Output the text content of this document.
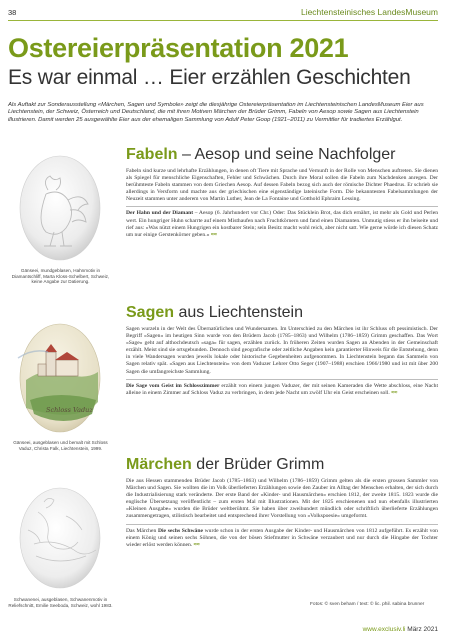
38	Liechtensteinisches LandesMuseum
Ostereierpräsentation 2021
Es war einmal … Eier erzählen Geschichten
Als Auftakt zur Sonderausstellung «Märchen, Sagen und Symbole» zeigt die diesjährige Ostereierpräsentation im Liechtensteinischen LandesMuseum Eier aus Liechtenstein, der Schweiz, Österreich und Deutschland, die mit ihren Motiven Märchen der Brüder Grimm, Fabeln von Aesop sowie Sagen aus Liechtenstein illustrieren. Damit werden 25 ausgewählte Eier aus der ehemaligen Sammlung von Adulf Peter Goop (1921–2011) zu Vermittler für tradiertes Erzählgut.
Gänseei, mundgeblasen, Hahnmotiv in Diamantschliff, Marta Kloss-Schelbert, Schweiz, keine Angabe zur Datierung.
Fabeln – Aesop und seine Nachfolger

Fabeln sind kurze und lehrhafte Erzählungen, in denen oft Tiere mit Sprache und Vernunft in der Rolle von Menschen auftreten. Sie dienen als Spiegel für menschliche Eigenschaften, Fehler und Schwächen. Durch ihre Moral sollen die Fabeln zum Nachdenken anregen. Der berühmteste Fabeln stammen von dem Griechen Aesop. Auf dessen Fabeln bezog sich auch der römische Dichter Phaedrus. Er schrieb sie allerdings in Versform und machte aus der griechischen eine eigenständige lateinische Form. Die bekanntesten Fabelsammlungen der Neuzeit stammen unter anderem von Martin Luther, Jean de La Fontaine und Gotthold Ephraim Lessing.

Der Hahn und der Diamant – Aesop (6. Jahrhundert vor Chr.) Oder: Das Stücklein Brot, das dich ernährt, ist mehr als Gold und Perlen wert. Ein hungriger Huhn scharrte auf einem Misthaufen nach Fruchtkörnern und fand einen Diamanten. Unmutig stiess er ihn beiseite und rief aus: «Was nützt einem Hungrigen ein kostbarer Stein; sein Besitz macht wohl reich, aber nicht satt. Wie gerne würde ich diesen Schatz um nur einige Gerstenkörner geben.» ≈≈

Schloss Vaduz
Gänseei, ausgeblasen und bemalt mit Schloss Vaduz, Christa Falk, Liechtenstein, 1999.
Sagen aus Liechtenstein

Sagen wurzeln in der Welt des Übernatürlichen und Wundersamen. Im Unterschied zu den Märchen ist ihr Schluss oft pessimistisch. Der Begriff «Sagen» im heutigen Sinn wurde von den Brüdern Jacob (1785–1863) und Wilhelm (1786–1859) Grimm geschaffen. Das Wort «Sage» geht auf althochdeutsch «saga» für sagen, erzählen zurück. In früheren Zeiten wurden Sagen an Abenden in der Gemeinschaft erzählt. Meist sind sie ortsgebunden. Dennoch sind geografische oder zeitliche Angaben kein garantierter Hinweis für die Entstehung, denn in viele Wandersagen wurden jeweils lokale oder historische Gegebenheiten aufgenommen. In Liechtenstein begann das Sammeln von Sagen relativ spät. «Sagen aus Liechtenstein» von dem Vaduzer Lehrer Otto Seger (1907–1988) erschien 1966/1980 und ist mit über 200 Sagen die umfangreichste Sammlung.

Die Sage vom Geist im Schlosszimmer erzählt von einem jungen Vaduzer, der mit seinen Kameraden die Wette abschloss, eine Nacht alleine in einem Zimmer auf Schloss Vaduz zu verbringen, in dem jede Nacht um zwölf Uhr ein Geist erscheinen soll. ≈≈

Schwanenei, ausgeblasen, Schwanenmotiv in Reliefschnitt, Emilie Seeboda, Schweiz, wohl 1983.
Märchen der Brüder Grimm

Die aus Hessen stammenden Brüder Jacob (1785–1863) und Wilhelm (1786–1859) Grimm gelten als die ersten grossen Sammler von Märchen und Sagen. Sie wollten die im Volk überlieferten Erzählungen sowie den Zauber im Alltag der Menschen erhalten, der sich durch die Industrialisierung stark veränderte. Der erste Band der «Kinder- und Hausmärchen» erschien 1812, der zweite 1815. 1823 wurde die englische Übersetzung veröffentlicht – zum ersten Mal mit Illustrationen. Mit der 1825 erschienenen und nun ebenfalls illustrierten «Kleinen Ausgabe» wurden die Brüder weltberühmt. Sie haben über zweihundert mündlich oder schriftlich überlieferte Erzählungen zusammengetragen, stilistisch bearbeitet und entsprechend ihrer Vorstellung von «Volkspoesie» umgeformt.

Das Märchen Die sechs Schwäne wurde schon in der ersten Ausgabe der Kinder- und Hausmärchen von 1812 aufgeführt. Es erzählt von einem König und seinen sechs Söhnen, die von der bösen Stiefmutter in Schwäne verzaubert und nur durch die Hingabe der Tochter wieder erlöst werden können. ≈≈

Fotos: © sven beham / text: © lic. phil. sabina brunner
www.exclusiv.li März 2021
